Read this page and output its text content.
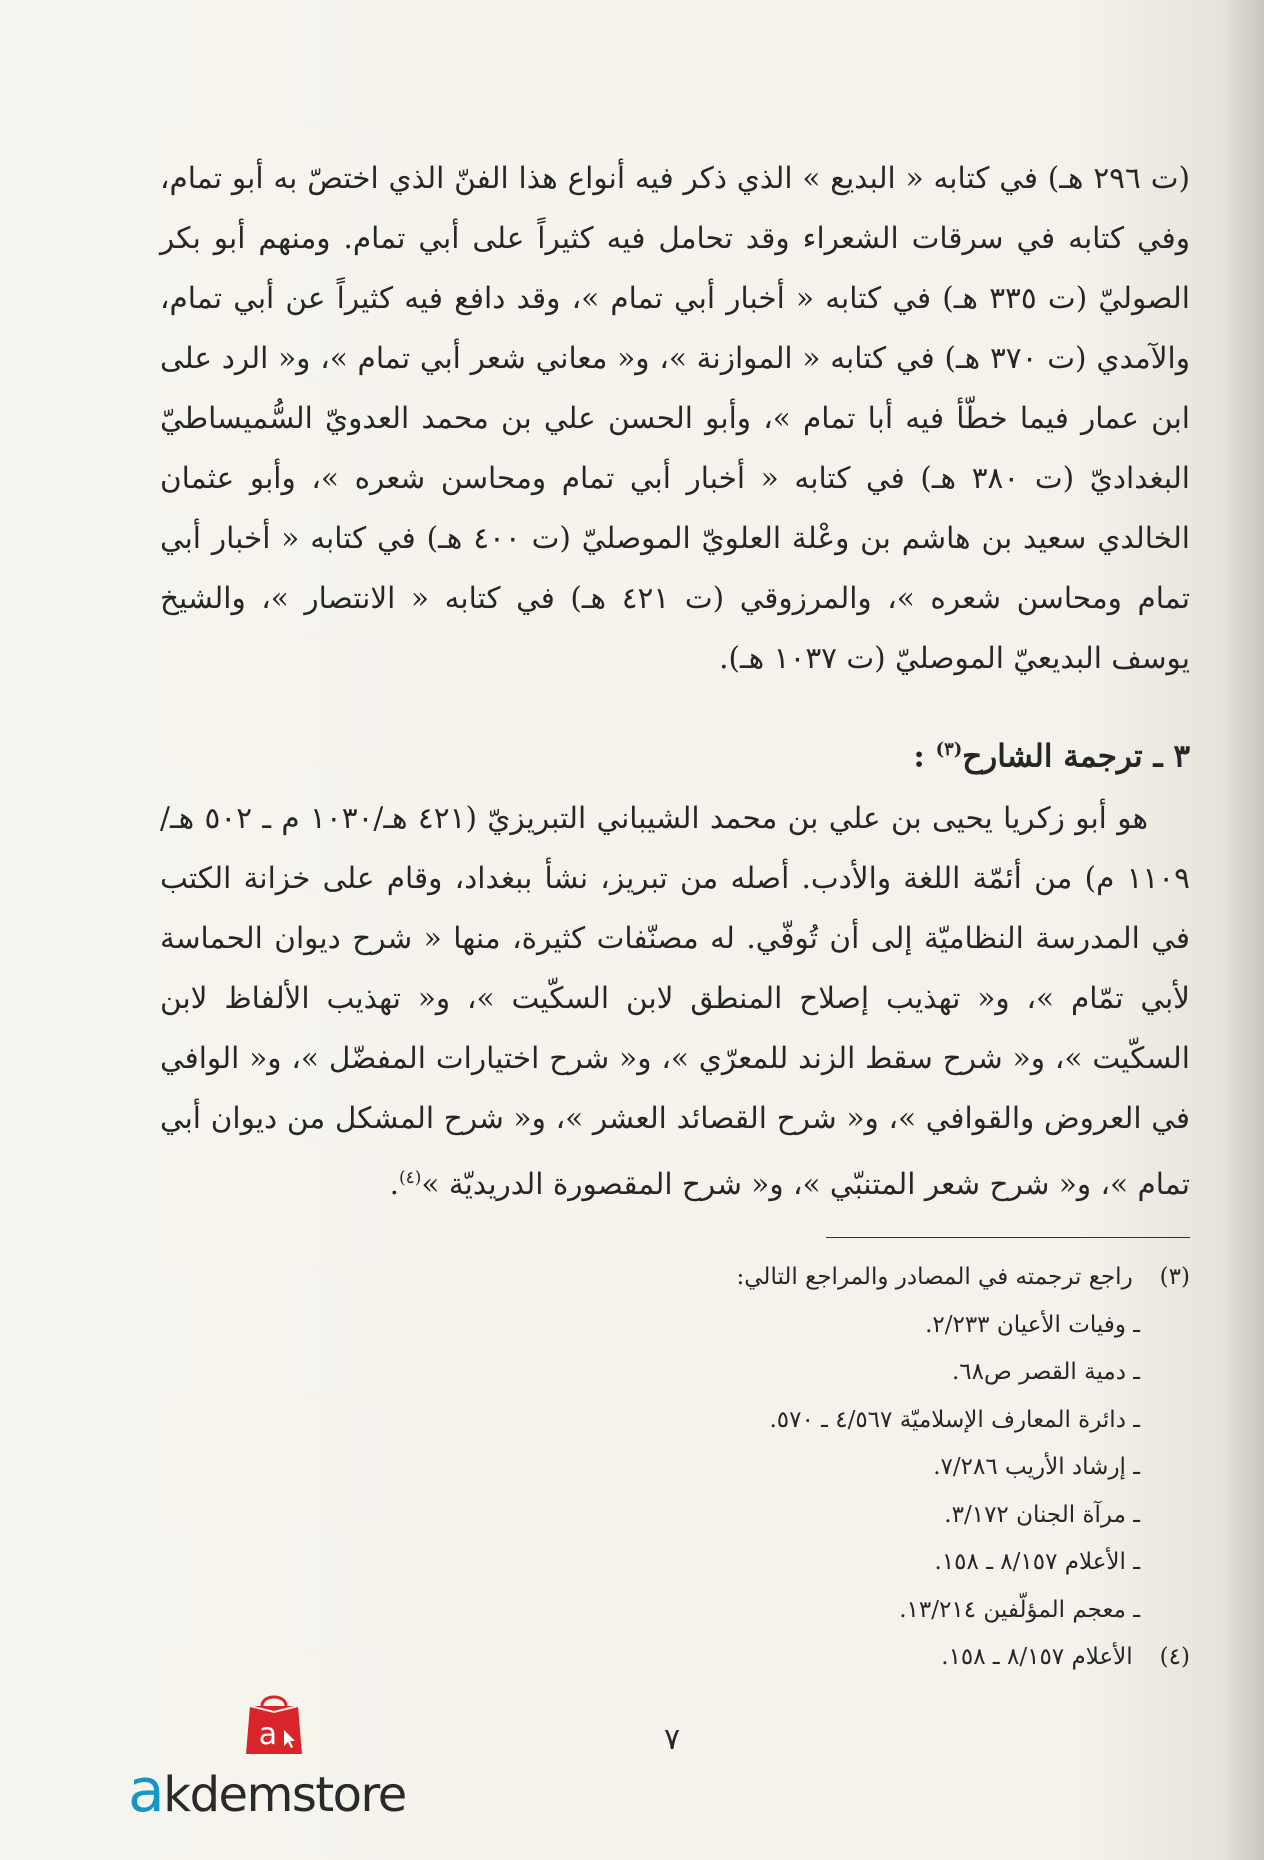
(ت ٢٩٦ هـ) في كتابه « البديع » الذي ذكر فيه أنواع هذا الفنّ الذي اختصّ به أبو تمام، وفي كتابه في سرقات الشعراء وقد تحامل فيه كثيراً على أبي تمام. ومنهم أبو بكر الصوليّ (ت ٣٣٥ هـ) في كتابه « أخبار أبي تمام »، وقد دافع فيه كثيراً عن أبي تمام، والآمدي (ت ٣٧٠ هـ) في كتابه « الموازنة »، و« معاني شعر أبي تمام »، و« الرد على ابن عمار فيما خطّأ فيه أبا تمام »، وأبو الحسن علي بن محمد العدويّ السُّميساطيّ البغداديّ (ت ٣٨٠ هـ) في كتابه « أخبار أبي تمام ومحاسن شعره »، وأبو عثمان الخالدي سعيد بن هاشم بن وعْلة العلويّ الموصليّ (ت ٤٠٠ هـ) في كتابه « أخبار أبي تمام ومحاسن شعره »، والمرزوقي (ت ٤٢١ هـ) في كتابه « الانتصار »، والشيخ يوسف البديعيّ الموصليّ (ت ١٠٣٧ هـ).

٣ ـ ترجمة الشارح$^{(٣)}$ :

هو أبو زكريا يحيى بن علي بن محمد الشيباني التبريزيّ (٤٢١ هـ/١٠٣٠ م ـ ٥٠٢ هـ/١١٠٩ م) من أئمّة اللغة والأدب. أصله من تبريز، نشأ ببغداد، وقام على خزانة الكتب في المدرسة النظاميّة إلى أن تُوفّي. له مصنّفات كثيرة، منها « شرح ديوان الحماسة لأبي تمّام »، و« تهذيب إصلاح المنطق لابن السكّيت »، و« تهذيب الألفاظ لابن السكّيت »، و« شرح سقط الزند للمعرّي »، و« شرح اختيارات المفضّل »، و« الوافي في العروض والقوافي »، و« شرح القصائد العشر »، و« شرح المشكل من ديوان أبي تمام »، و« شرح شعر المتنبّي »، و« شرح المقصورة الدريديّة »$^{(٤)}$.

(٣) راجع ترجمته في المصادر والمراجع التالي:
ـ وفيات الأعيان ٢/٢٣٣.
ـ دمية القصر ص٦٨.
ـ دائرة المعارف الإسلاميّة ٤/٥٦٧ ـ ٥٧٠.
ـ إرشاد الأريب ٧/٢٨٦.
ـ مرآة الجنان ٣/١٧٢.
ـ الأعلام ٨/١٥٧ ـ ١٥٨.
ـ معجم المؤلّفين ١٣/٢١٤.
(٤) الأعلام ٨/١٥٧ ـ ١٥٨.
٧
a
akdemstore
